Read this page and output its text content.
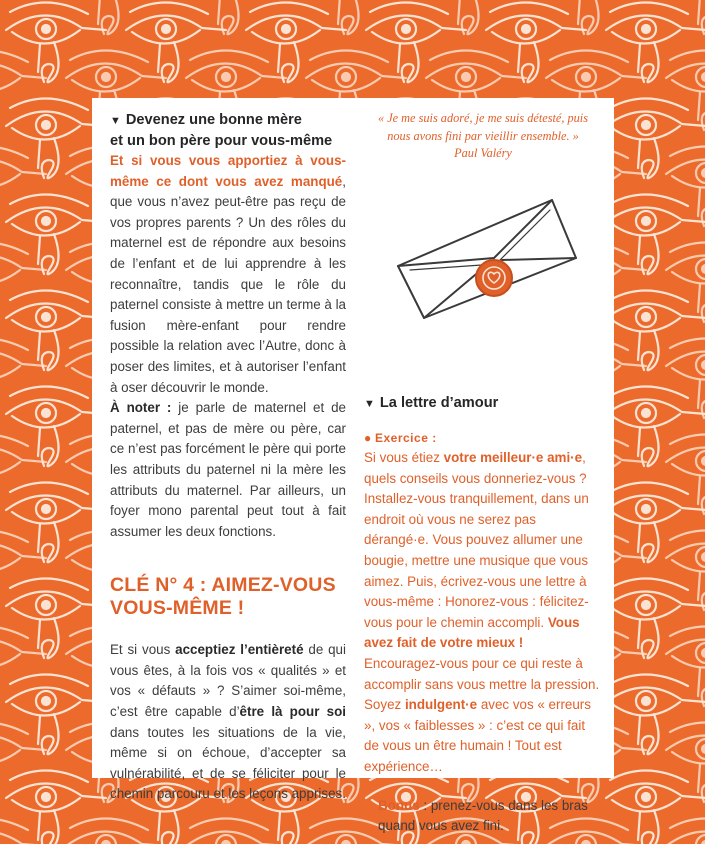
▼ Devenez une bonne mère
et un bon père pour vous-même

Et si vous vous apportiez à vous-même ce dont vous avez manqué, que vous n’avez peut-être pas reçu de vos propres parents ? Un des rôles du maternel est de répondre aux besoins de l’enfant et de lui apprendre à les reconnaître, tandis que le rôle du paternel consiste à mettre un terme à la fusion mère-enfant pour rendre possible la relation avec l’Autre, donc à poser des limites, et à autoriser l’enfant à oser découvrir le monde.

À noter : je parle de maternel et de paternel, et pas de mère ou père, car ce n’est pas forcément le père qui porte les attributs du paternel ni la mère les attributs du maternel. Par ailleurs, un foyer mono parental peut tout à fait assumer les deux fonctions.

CLÉ N° 4 : AIMEZ-VOUS
VOUS-MÊME !

Et si vous acceptiez l’entièreté de qui vous êtes, à la fois vos « qualités » et vos « défauts » ? S’aimer soi-même, c’est être capable d’être là pour soi dans toutes les situations de la vie, même si on échoue, d’accepter sa vulnérabilité, et de se féliciter pour le chemin parcouru et les leçons apprises.

« Je me suis adoré, je me suis détesté, puis
nous avons fini par vieillir ensemble. »
Paul Valéry
▼ La lettre d’amour
● Exercice :

Si vous étiez votre meilleur·e ami·e, quels conseils vous donneriez-vous ? Installez-vous tranquillement, dans un endroit où vous ne serez pas dérangé·e. Vous pouvez allumer une bougie, mettre une musique que vous aimez. Puis, écrivez-vous une lettre à vous-même : Honorez-vous : félicitez-vous pour le chemin accompli. Vous avez fait de votre mieux !
Encouragez-vous pour ce qui reste à accomplir sans vous mettre la pression. Soyez indulgent·e avec vos « erreurs », vos « faiblesses » : c’est ce qui fait de vous un être humain ! Tout est expérience…

Bonus : prenez-vous dans les bras quand vous avez fini.
